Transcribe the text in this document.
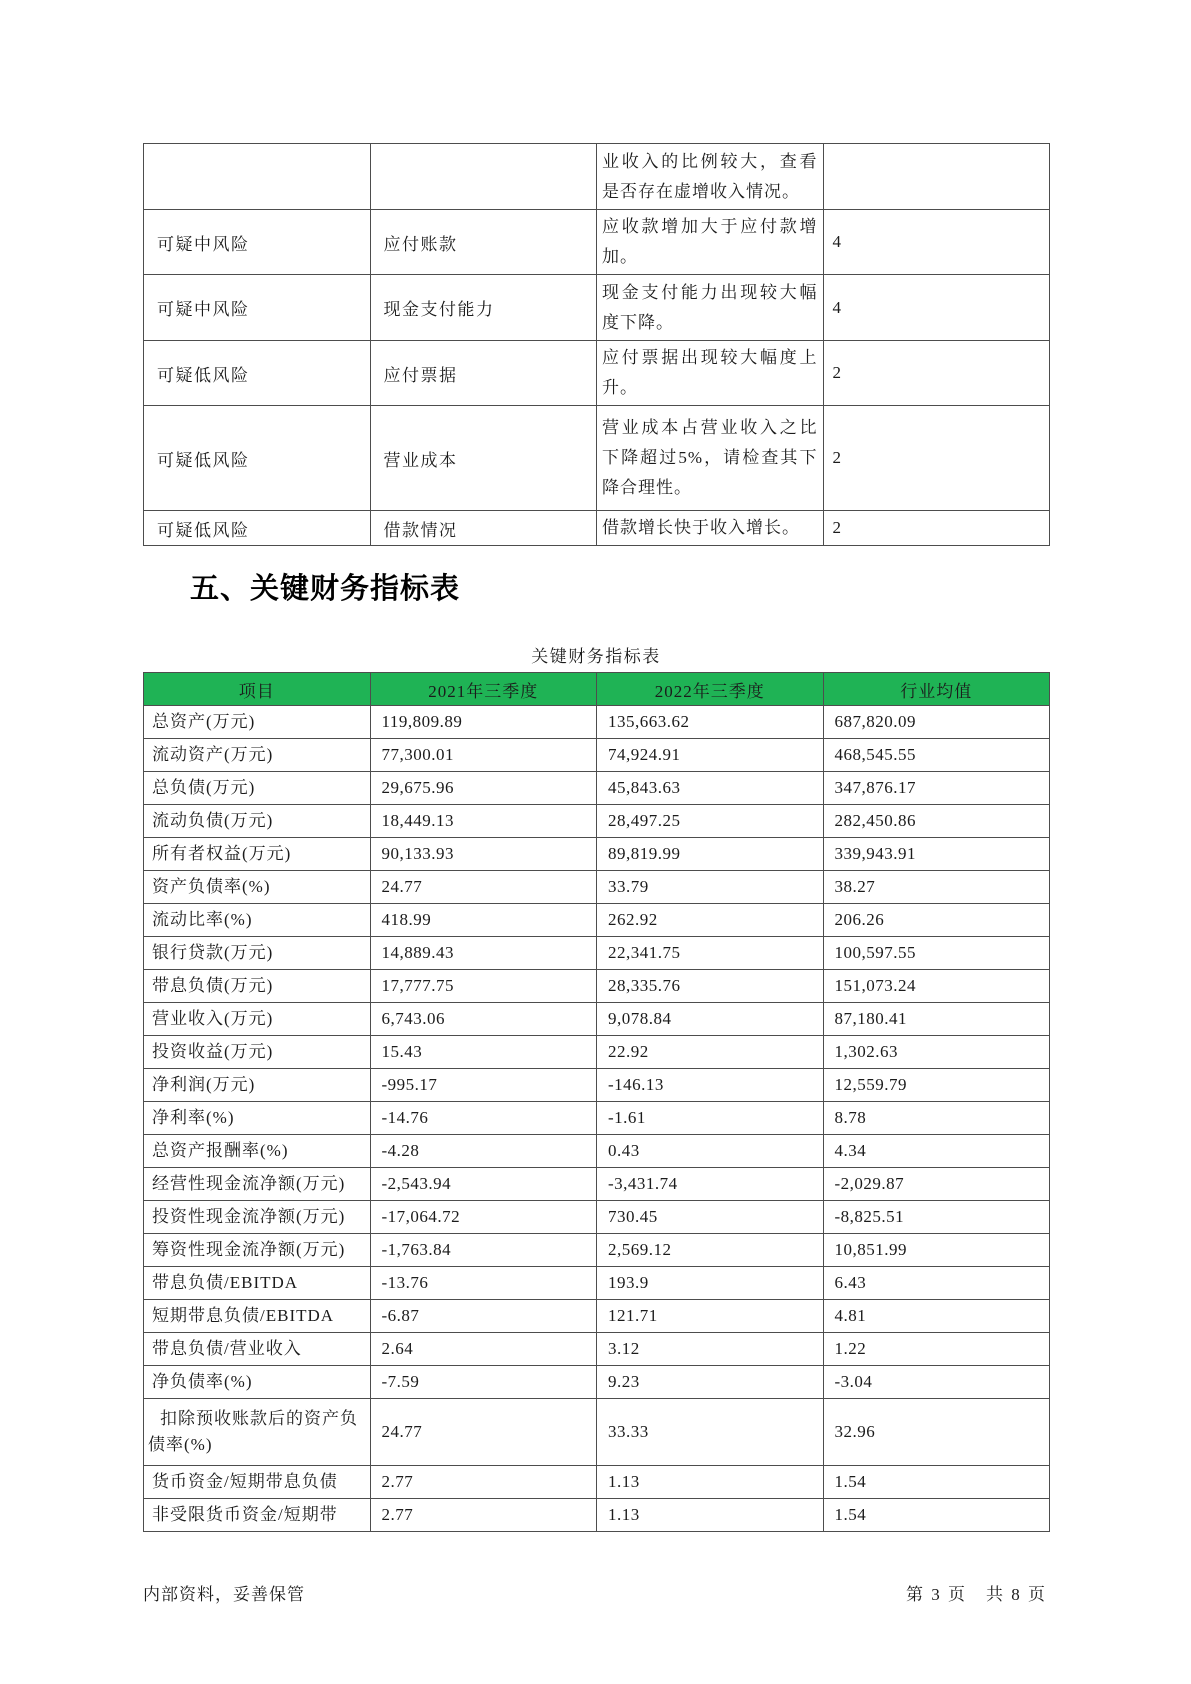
		业收入的比例较大，查看是否存在虚增收入情况。	
可疑中风险	应付账款	应收款增加大于应付款增加。	4
可疑中风险	现金支付能力	现金支付能力出现较大幅度下降。	4
可疑低风险	应付票据	应付票据出现较大幅度上升。	2
可疑低风险	营业成本	营业成本占营业收入之比下降超过5%，请检查其下降合理性。	2
可疑低风险	借款情况	借款增长快于收入增长。	2
五、关键财务指标表
关键财务指标表
项目	2021年三季度	2022年三季度	行业均值
总资产(万元)	119,809.89	135,663.62	687,820.09
流动资产(万元)	77,300.01	74,924.91	468,545.55
总负债(万元)	29,675.96	45,843.63	347,876.17
流动负债(万元)	18,449.13	28,497.25	282,450.86
所有者权益(万元)	90,133.93	89,819.99	339,943.91
资产负债率(%)	24.77	33.79	38.27
流动比率(%)	418.99	262.92	206.26
银行贷款(万元)	14,889.43	22,341.75	100,597.55
带息负债(万元)	17,777.75	28,335.76	151,073.24
营业收入(万元)	6,743.06	9,078.84	87,180.41
投资收益(万元)	15.43	22.92	1,302.63
净利润(万元)	-995.17	-146.13	12,559.79
净利率(%)	-14.76	-1.61	8.78
总资产报酬率(%)	-4.28	0.43	4.34
经营性现金流净额(万元)	-2,543.94	-3,431.74	-2,029.87
投资性现金流净额(万元)	-17,064.72	730.45	-8,825.51
筹资性现金流净额(万元)	-1,763.84	2,569.12	10,851.99
带息负债/EBITDA	-13.76	193.9	6.43
短期带息负债/EBITDA	-6.87	121.71	4.81
带息负债/营业收入	2.64	3.12	1.22
净负债率(%)	-7.59	9.23	-3.04
扣除预收账款后的资产负债率(%)	24.77	33.33	32.96
货币资金/短期带息负债	2.77	1.13	1.54
非受限货币资金/短期带	2.77	1.13	1.54
内部资料，妥善保管	第 3 页　共 8 页
